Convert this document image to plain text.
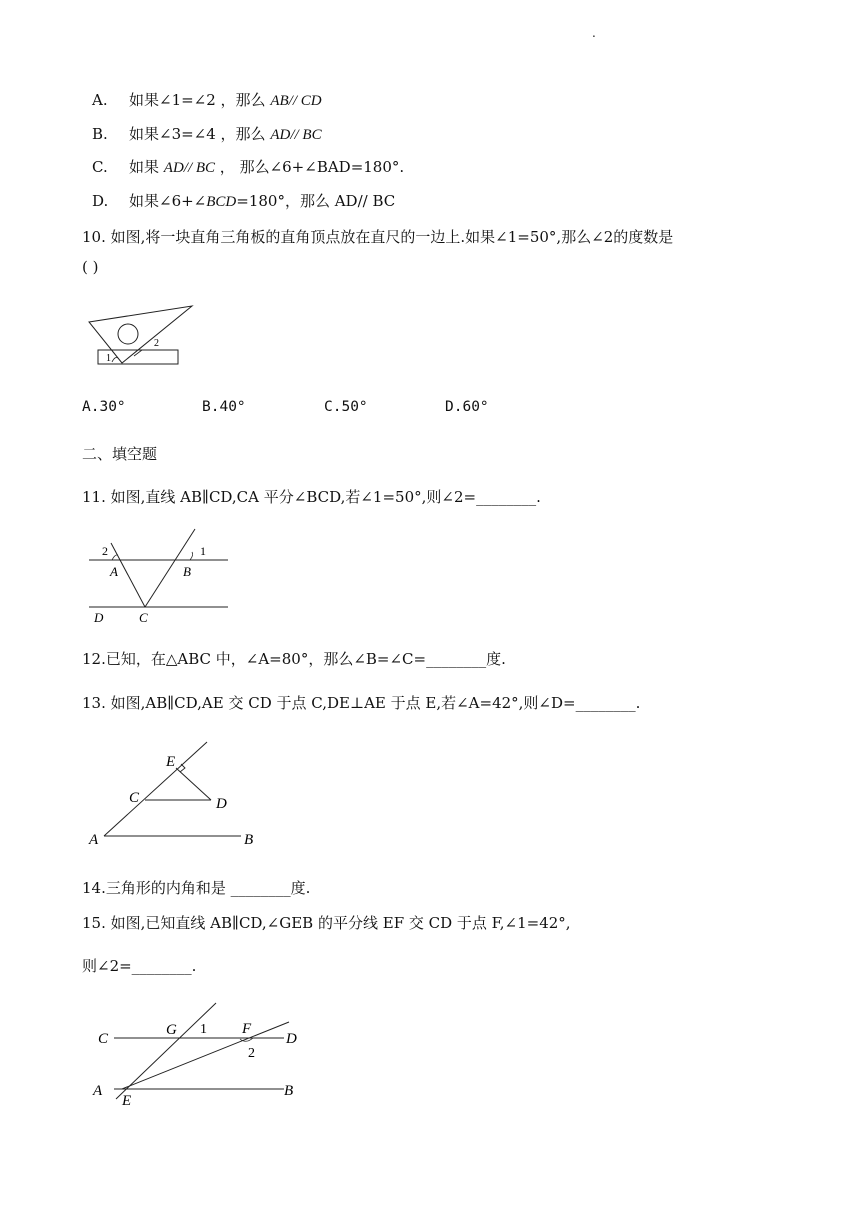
.
A. 如果∠1=∠2 ，那么 AB// CD
B. 如果∠3=∠4 ，那么 AD// BC
C. 如果 AD// BC ， 那么∠6+∠BAD=180°.
D. 如果∠6+∠BCD=180°，那么 AD// BC
10. 如图,将一块直角三角板的直角顶点放在直尺的一边上.如果∠1=50°,那么∠2的度数是
( )
1
2
A.30°	B.40°	C.50°	D.60°
二、填空题
11. 如图,直线 AB∥CD,CA 平分∠BCD,若∠1=50°,则∠2=________.
2	1
A	B
C
D
12.已知，在△ABC 中，∠A=80°，那么∠B=∠C=________度.
13. 如图,AB∥CD,AE 交 CD 于点 C,DE⊥AE 于点 E,若∠A=42°,则∠D=________.
E
C	D
A	B
14.三角形的内角和是 ________度.
15. 如图,已知直线 AB∥CD,∠GEB 的平分线 EF 交 CD 于点 F,∠1=42°,
则∠2=________.
C
G 1 F
D
2
A
E
B
